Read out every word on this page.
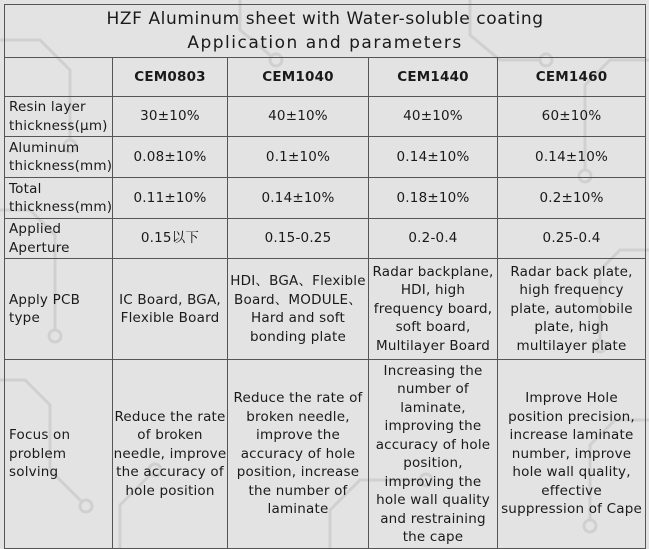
HZF Aluminum sheet with Water-soluble coating
Application and parameters				

	CEM0803	CEM1040	CEM1440	CEM1460
Resin layer thickness(μm)	30±10%	40±10%	40±10%	60±10%
Aluminum thickness(mm)	0.08±10%	0.1±10%	0.14±10%	0.14±10%
Total thickness(mm)	0.11±10%	0.14±10%	0.18±10%	0.2±10%
Applied Aperture	0.15以下	0.15-0.25	0.2-0.4	0.25-0.4
Apply PCB type	IC Board, BGA, Flexible Board	HDI、BGA、Flexible Board、MODULE、Hard and soft bonding plate	Radar backplane, HDI, high frequency board, soft board, Multilayer Board	Radar back plate, high frequency plate, automobile plate, high multilayer plate
Focus on problem solving	Reduce the rate of broken needle, improve the accuracy of hole position	Reduce the rate of broken needle, improve the accuracy of hole position, increase the number of laminate	Increasing the number of laminate, improving the accuracy of hole position, improving the hole wall quality and restraining the cape	Improve Hole position precision, increase laminate number, improve hole wall quality, effective suppression of Cape
